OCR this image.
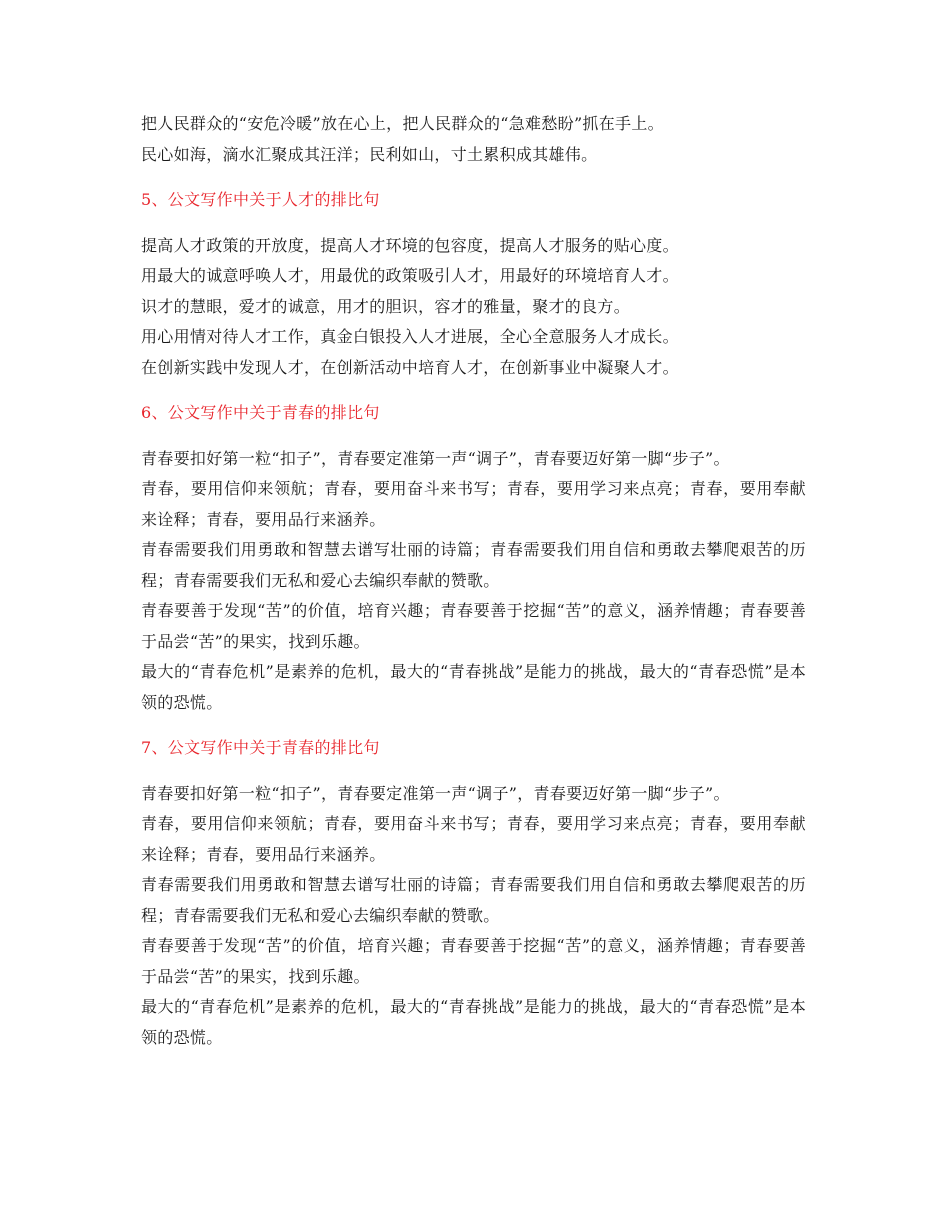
把人民群众的“安危冷暖”放在心上，把人民群众的“急难愁盼”抓在手上。

民心如海，滴水汇聚成其汪洋；民利如山，寸土累积成其雄伟。

5、公文写作中关于人才的排比句

提高人才政策的开放度，提高人才环境的包容度，提高人才服务的贴心度。

用最大的诚意呼唤人才，用最优的政策吸引人才，用最好的环境培育人才。

识才的慧眼，爱才的诚意，用才的胆识，容才的雅量，聚才的良方。

用心用情对待人才工作，真金白银投入人才进展，全心全意服务人才成长。

在创新实践中发现人才，在创新活动中培育人才，在创新事业中凝聚人才。

6、公文写作中关于青春的排比句

青春要扣好第一粒“扣子”，青春要定准第一声“调子”，青春要迈好第一脚“步子”。

青春，要用信仰来领航；青春，要用奋斗来书写；青春，要用学习来点亮；青春，要用奉献来诠释；青春，要用品行来涵养。

青春需要我们用勇敢和智慧去谱写壮丽的诗篇；青春需要我们用自信和勇敢去攀爬艰苦的历程；青春需要我们无私和爱心去编织奉献的赞歌。

青春要善于发现“苦”的价值，培育兴趣；青春要善于挖掘“苦”的意义，涵养情趣；青春要善于品尝“苦”的果实，找到乐趣。

最大的“青春危机”是素养的危机，最大的“青春挑战”是能力的挑战，最大的“青春恐慌”是本领的恐慌。

7、公文写作中关于青春的排比句

青春要扣好第一粒“扣子”，青春要定准第一声“调子”，青春要迈好第一脚“步子”。

青春，要用信仰来领航；青春，要用奋斗来书写；青春，要用学习来点亮；青春，要用奉献来诠释；青春，要用品行来涵养。

青春需要我们用勇敢和智慧去谱写壮丽的诗篇；青春需要我们用自信和勇敢去攀爬艰苦的历程；青春需要我们无私和爱心去编织奉献的赞歌。

青春要善于发现“苦”的价值，培育兴趣；青春要善于挖掘“苦”的意义，涵养情趣；青春要善于品尝“苦”的果实，找到乐趣。

最大的“青春危机”是素养的危机，最大的“青春挑战”是能力的挑战，最大的“青春恐慌”是本领的恐慌。
